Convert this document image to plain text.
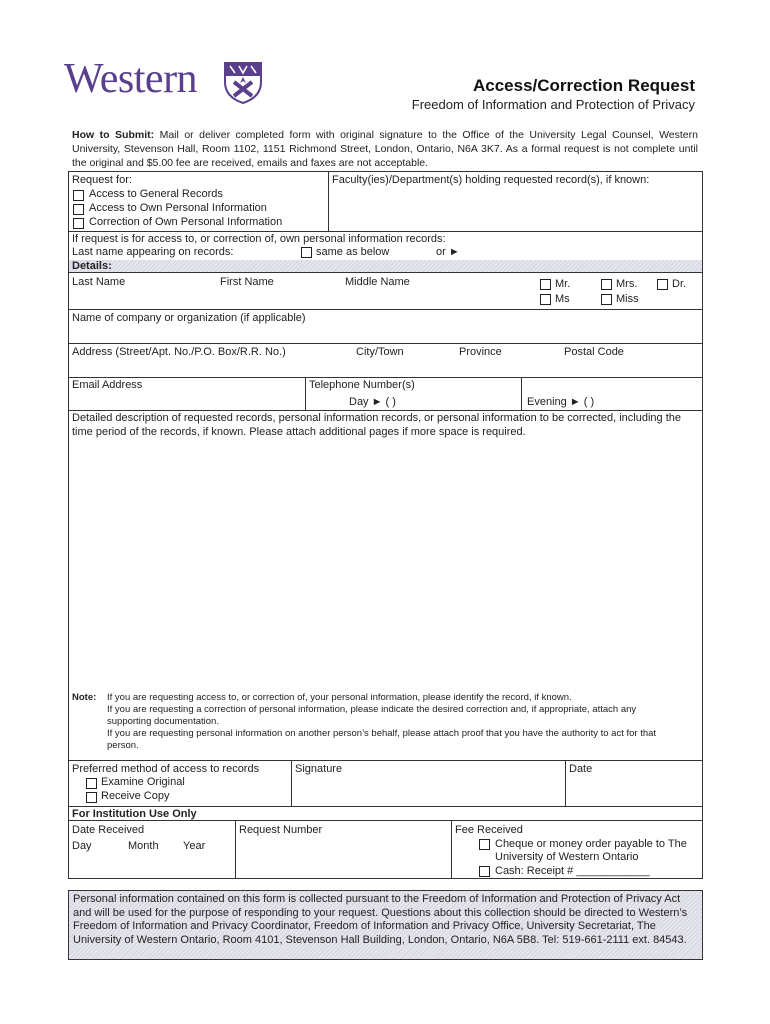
Western	Access/Correction Request
Freedom of Information and Protection of Privacy
How to Submit: Mail or deliver completed form with original signature to the Office of the University Legal Counsel, Western University, Stevenson Hall, Room 1102, 1151 Richmond Street, London, Ontario, N6A 3K7. As a formal request is not complete until the original and $5.00 fee are received, emails and faxes are not acceptable.
Request for:
Access to General Records
Access to Own Personal Information
Correction of Own Personal Information
Faculty(ies)/Department(s) holding requested record(s), if known:
If request is for access to, or correction of, own personal information records:
Last name appearing on records:	same as below	or ►
Details:
Last Name	First Name	Middle Name	Mr.	Mrs.	Dr.
Ms	Miss
Name of company or organization (if applicable)
Address (Street/Apt. No./P.O. Box/R.R. No.)	City/Town	Province	Postal Code
Email Address	Telephone Number(s)
Day ► ( )	Evening ► ( )
Detailed description of requested records, personal information records, or personal information to be corrected, including the time period of the records, if known. Please attach additional pages if more space is required.
Note: If you are requesting access to, or correction of, your personal information, please identify the record, if known.
If you are requesting a correction of personal information, please indicate the desired correction and, if appropriate, attach any
supporting documentation.
If you are requesting personal information on another person’s behalf, please attach proof that you have the authority to act for that
person.
Preferred method of access to records
Examine Original
Receive Copy
Signature	Date
For Institution Use Only
Date Received
Day	Month Year
Request Number	Fee Received
Cheque or money order payable to The
University of Western Ontario
Cash: Receipt # ____________
Personal information contained on this form is collected pursuant to the Freedom of Information and Protection of Privacy Act and will be used for the purpose of responding to your request. Questions about this collection should be directed to Western’s Freedom of Information and Privacy Coordinator, Freedom of Information and Privacy Office, University Secretariat, The University of Western Ontario, Room 4101, Stevenson Hall Building, London, Ontario, N6A 5B8. Tel: 519-661-2111 ext. 84543.
